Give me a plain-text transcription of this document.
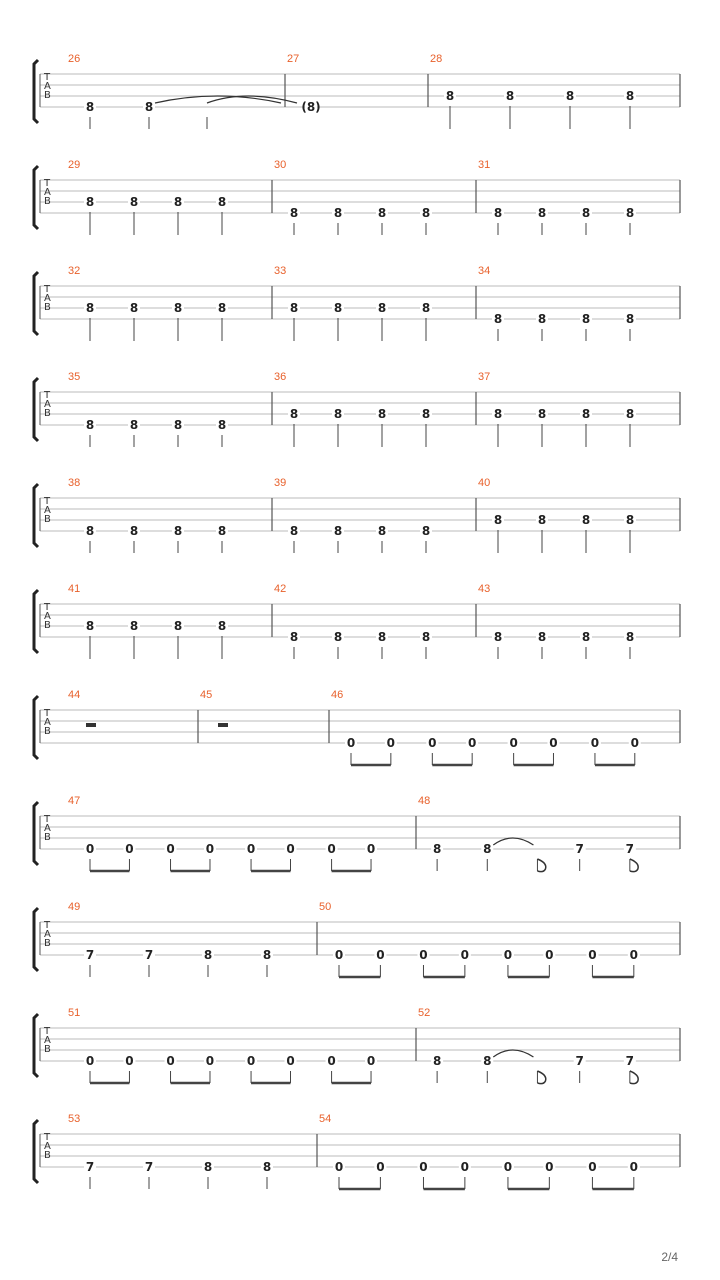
T
A
B
26
8	8
27
(8)
28
8	8	8	8
T
A
B
29
8	8	8	8
30
8	8	8	8
31
8	8	8	8
T
A
B
32
8	8	8	8
33
8	8	8	8
34
8	8	8	8
T
A
B
35
8	8	8	8
36
8	8	8	8
37
8	8	8	8
T
A
B
38
8	8	8	8
39
8	8	8	8
40
8	8	8	8
T
A
B
41
8	8	8	8
42
8	8	8	8
43
8	8	8	8
T
A
B
44	45	46
0	0	0	0	0	0	0	0
T
A
B
47
0	0	0	0	0	0	0	0
48
8	8	7	7
T
A
B
49
7	7	8	8
50
0	0	0	0	0	0	0	0
T
A
B
51
0	0	0	0	0	0	0	0
52
8	8	7	7
T
A
B
53
7	7	8	8
54
0	0	0	0	0	0	0	0
2/4
